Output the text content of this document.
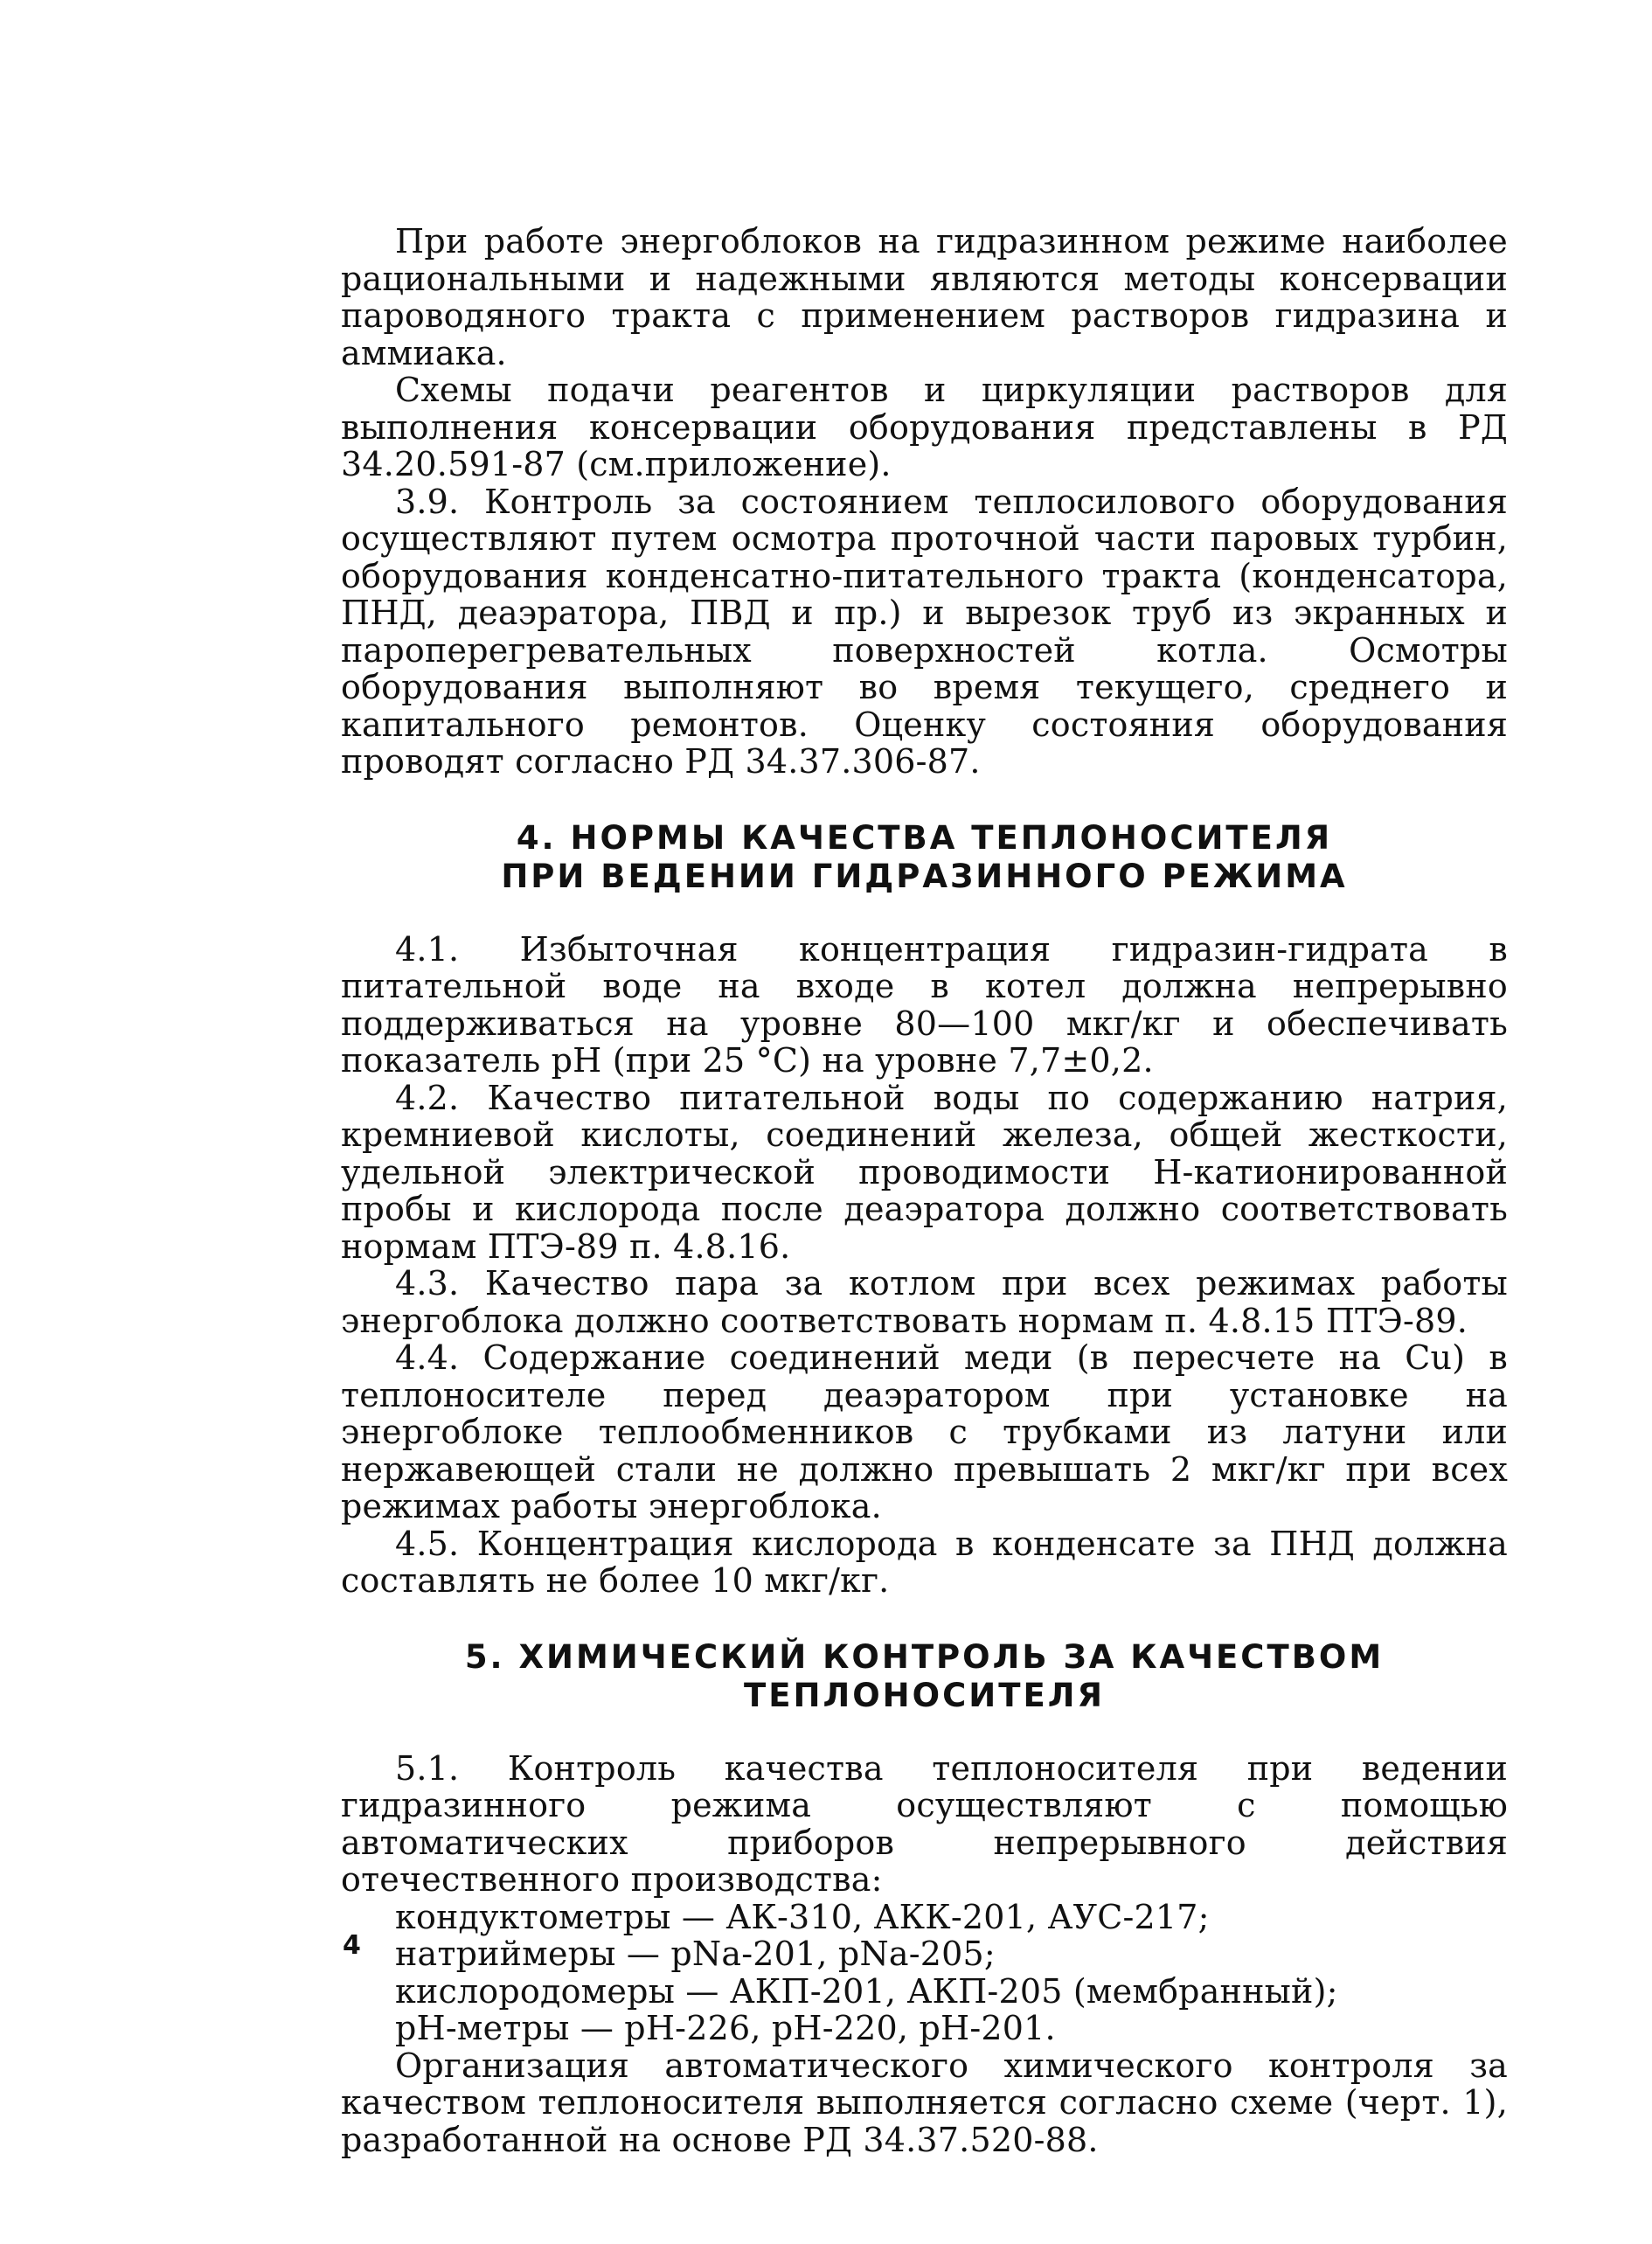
При работе энергоблоков на гидразинном режиме наиболее рациональными и надежными являются методы консервации пароводяного тракта с применением растворов гидразина и аммиака.

Схемы подачи реагентов и циркуляции растворов для выполнения консервации оборудования представлены в РД 34.20.591-87 (см.приложение).

3.9. Контроль за состоянием теплосилового оборудования осуществляют путем осмотра проточной части паровых турбин, оборудования конденсатно-питательного тракта (конденсатора, ПНД, деаэратора, ПВД и пр.) и вырезок труб из экранных и пароперегревательных поверхностей котла. Осмотры оборудования выполняют во время текущего, среднего и капитального ремонтов. Оценку состояния оборудования проводят согласно РД 34.37.306-87.

4. НОРМЫ КАЧЕСТВА ТЕПЛОНОСИТЕЛЯ

ПРИ ВЕДЕНИИ ГИДРАЗИННОГО РЕЖИМА

4.1. Избыточная концентрация гидразин-гидрата в питательной воде на входе в котел должна непрерывно поддерживаться на уровне 80—100 мкг/кг и обеспечивать показатель pH (при 25 °С) на уровне 7,7±0,2.

4.2. Качество питательной воды по содержанию натрия, кремниевой кислоты, соединений железа, общей жесткости, удельной электрической проводимости Н-катионированной пробы и кислорода после деаэратора должно соответствовать нормам ПТЭ-89 п. 4.8.16.

4.3. Качество пара за котлом при всех режимах работы энергоблока должно соответствовать нормам п. 4.8.15 ПТЭ-89.

4.4. Содержание соединений меди (в пересчете на Cu) в теплоносителе перед деаэратором при установке на энергоблоке теплообменников с трубками из латуни или нержавеющей стали не должно превышать 2 мкг/кг при всех режимах работы энергоблока.

4.5. Концентрация кислорода в конденсате за ПНД должна составлять не более 10 мкг/кг.

5. ХИМИЧЕСКИЙ КОНТРОЛЬ ЗА КАЧЕСТВОМ

ТЕПЛОНОСИТЕЛЯ

5.1. Контроль качества теплоносителя при ведении гидразинного режима осуществляют с помощью автоматических приборов непрерывного действия отечественного производства:

кондуктометры — АК-310, АКК-201, АУС-217;
натриймеры — pNa-201, pNa-205;
кислородомеры — АКП-201, АКП-205 (мембранный);
pH-метры — pH-226, pH-220, pH-201.

Организация автоматического химического контроля за качеством теплоносителя выполняется согласно схеме (черт. 1), разработанной на основе РД 34.37.520-88.

4
